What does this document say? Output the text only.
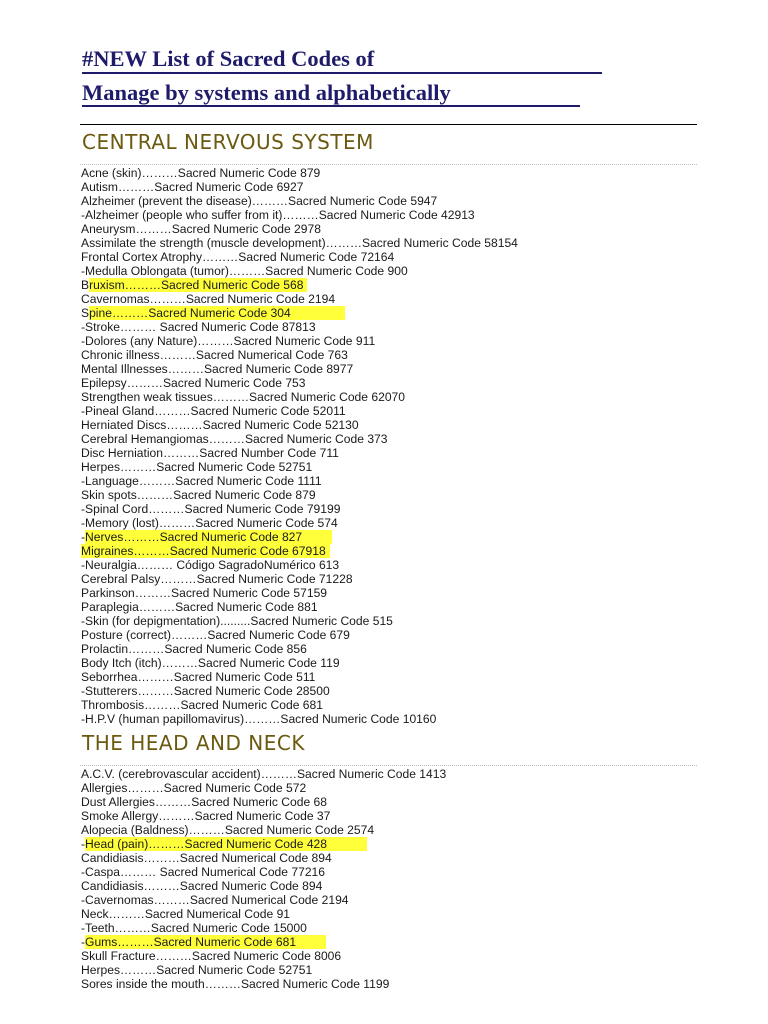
#NEW List of Sacred Codes of
Manage by systems and alphabetically
CENTRAL NERVOUS SYSTEM
Acne (skin)………Sacred Numeric Code 879
Autism………Sacred Numeric Code 6927
Alzheimer (prevent the disease)………Sacred Numeric Code 5947
-Alzheimer (people who suffer from it)………Sacred Numeric Code 42913
Aneurysm………Sacred Numeric Code 2978
Assimilate the strength (muscle development)………Sacred Numeric Code 58154
Frontal Cortex Atrophy………Sacred Numeric Code 72164
-Medulla Oblongata (tumor)………Sacred Numeric Code 900
Bruxism………Sacred Numeric Code 568
Cavernomas………Sacred Numeric Code 2194
Spine………Sacred Numeric Code 304
-Stroke……… Sacred Numeric Code 87813
-Dolores (any Nature)………Sacred Numeric Code 911
Chronic illness………Sacred Numerical Code 763
Mental Illnesses………Sacred Numeric Code 8977
Epilepsy………Sacred Numeric Code 753
Strengthen weak tissues………Sacred Numeric Code 62070
-Pineal Gland………Sacred Numeric Code 52011
Herniated Discs………Sacred Numeric Code 52130
Cerebral Hemangiomas………Sacred Numeric Code 373
Disc Herniation………Sacred Number Code 711
Herpes………Sacred Numeric Code 52751
-Language………Sacred Numeric Code 1111
Skin spots………Sacred Numeric Code 879
-Spinal Cord………Sacred Numeric Code 79199
-Memory (lost)………Sacred Numeric Code 574
-Nerves………Sacred Numeric Code 827
Migraines………Sacred Numeric Code 67918
-Neuralgia……… Código SagradoNumérico 613
Cerebral Palsy………Sacred Numeric Code 71228
Parkinson………Sacred Numeric Code 57159
Paraplegia………Sacred Numeric Code 881
-Skin (for depigmentation).........Sacred Numeric Code 515
Posture (correct)………Sacred Numeric Code 679
Prolactin………Sacred Numeric Code 856
Body Itch (itch)………Sacred Numeric Code 119
Seborrhea………Sacred Numeric Code 511
-Stutterers………Sacred Numeric Code 28500
Thrombosis………Sacred Numeric Code 681
-H.P.V (human papillomavirus)………Sacred Numeric Code 10160
THE HEAD AND NECK
A.C.V. (cerebrovascular accident)………Sacred Numeric Code 1413
Allergies………Sacred Numeric Code 572
Dust Allergies………Sacred Numeric Code 68
Smoke Allergy………Sacred Numeric Code 37
Alopecia (Baldness)………Sacred Numeric Code 2574
-Head (pain)………Sacred Numeric Code 428
Candidiasis………Sacred Numerical Code 894
-Caspa……… Sacred Numerical Code 77216
Candidiasis………Sacred Numeric Code 894
-Cavernomas………Sacred Numerical Code 2194
Neck………Sacred Numerical Code 91
-Teeth………Sacred Numeric Code 15000
-Gums………Sacred Numeric Code 681
Skull Fracture………Sacred Numeric Code 8006
Herpes………Sacred Numeric Code 52751
Sores inside the mouth………Sacred Numeric Code 1199
